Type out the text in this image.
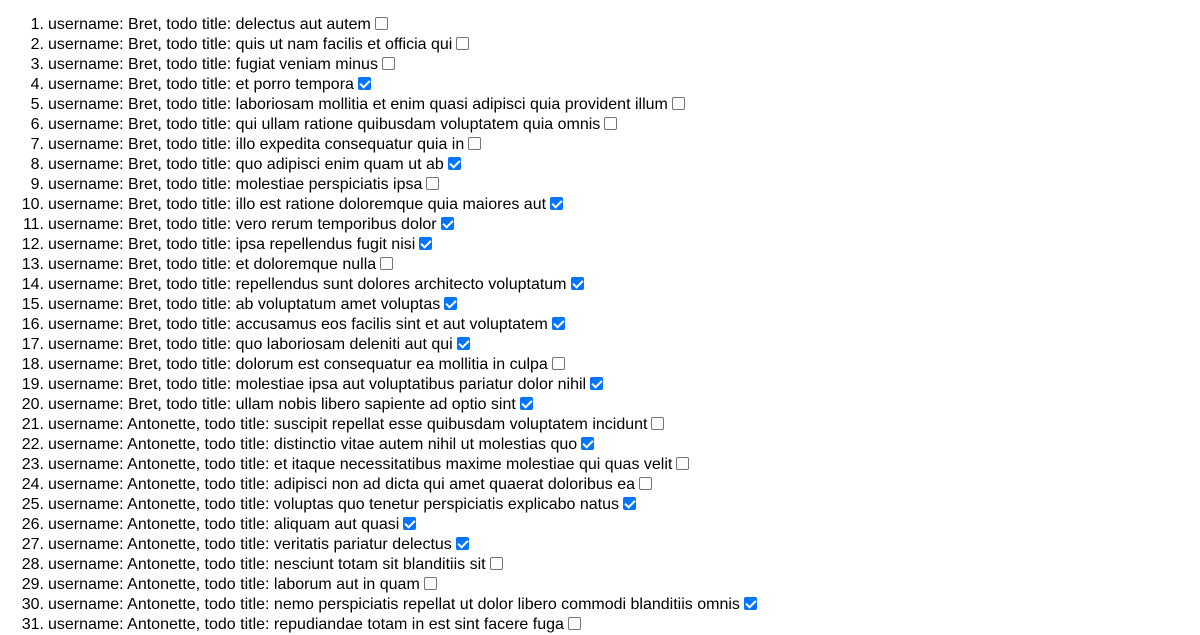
1. username: Bret, todo title: delectus aut autem
2. username: Bret, todo title: quis ut nam facilis et officia qui
3. username: Bret, todo title: fugiat veniam minus
4. username: Bret, todo title: et porro tempora
5. username: Bret, todo title: laboriosam mollitia et enim quasi adipisci quia provident illum
6. username: Bret, todo title: qui ullam ratione quibusdam voluptatem quia omnis
7. username: Bret, todo title: illo expedita consequatur quia in
8. username: Bret, todo title: quo adipisci enim quam ut ab
9. username: Bret, todo title: molestiae perspiciatis ipsa
10. username: Bret, todo title: illo est ratione doloremque quia maiores aut
11. username: Bret, todo title: vero rerum temporibus dolor
12. username: Bret, todo title: ipsa repellendus fugit nisi
13. username: Bret, todo title: et doloremque nulla
14. username: Bret, todo title: repellendus sunt dolores architecto voluptatum
15. username: Bret, todo title: ab voluptatum amet voluptas
16. username: Bret, todo title: accusamus eos facilis sint et aut voluptatem
17. username: Bret, todo title: quo laboriosam deleniti aut qui
18. username: Bret, todo title: dolorum est consequatur ea mollitia in culpa
19. username: Bret, todo title: molestiae ipsa aut voluptatibus pariatur dolor nihil
20. username: Bret, todo title: ullam nobis libero sapiente ad optio sint
21. username: Antonette, todo title: suscipit repellat esse quibusdam voluptatem incidunt
22. username: Antonette, todo title: distinctio vitae autem nihil ut molestias quo
23. username: Antonette, todo title: et itaque necessitatibus maxime molestiae qui quas velit
24. username: Antonette, todo title: adipisci non ad dicta qui amet quaerat doloribus ea
25. username: Antonette, todo title: voluptas quo tenetur perspiciatis explicabo natus
26. username: Antonette, todo title: aliquam aut quasi
27. username: Antonette, todo title: veritatis pariatur delectus
28. username: Antonette, todo title: nesciunt totam sit blanditiis sit
29. username: Antonette, todo title: laborum aut in quam
30. username: Antonette, todo title: nemo perspiciatis repellat ut dolor libero commodi blanditiis omnis
31. username: Antonette, todo title: repudiandae totam in est sint facere fuga
